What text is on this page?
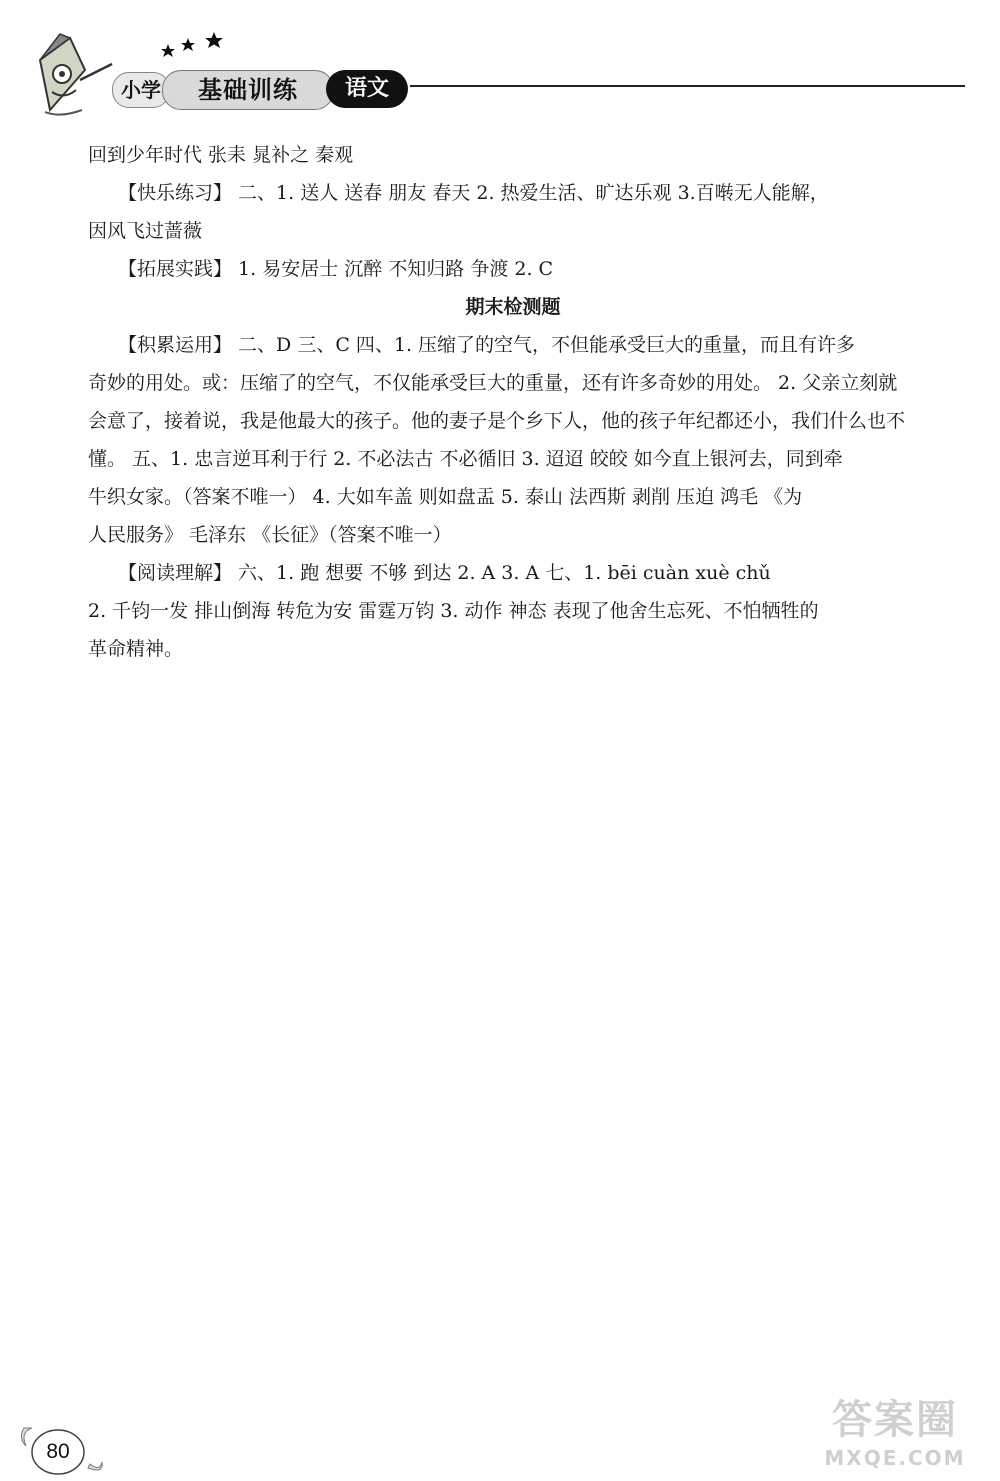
小学	基础训练	语文
回到少年时代 张耒 晁补之 秦观
【快乐练习】 二、1. 送人 送春 朋友 春天 2. 热爱生活、旷达乐观 3.百啭无人能解，
因风飞过蔷薇
【拓展实践】 1. 易安居士 沉醉 不知归路 争渡 2. C
期末检测题
【积累运用】 二、D 三、C 四、1. 压缩了的空气，不但能承受巨大的重量，而且有许多
奇妙的用处。或：压缩了的空气，不仅能承受巨大的重量，还有许多奇妙的用处。 2. 父亲立刻就
会意了，接着说，我是他最大的孩子。他的妻子是个乡下人，他的孩子年纪都还小，我们什么也不
懂。 五、1. 忠言逆耳利于行 2. 不必法古 不必循旧 3. 迢迢 皎皎 如今直上银河去，同到牵
牛织女家。（答案不唯一） 4. 大如车盖 则如盘盂 5. 泰山 法西斯 剥削 压迫 鸿毛 《为
人民服务》 毛泽东 《长征》（答案不唯一）
【阅读理解】 六、1. 跑 想要 不够 到达 2. A 3. A 七、1. bēi cuàn xuè chǔ
2. 千钧一发 排山倒海 转危为安 雷霆万钧 3. 动作 神态 表现了他舍生忘死、不怕牺牲的
革命精神。
80
答案圈
MXQE.COM
